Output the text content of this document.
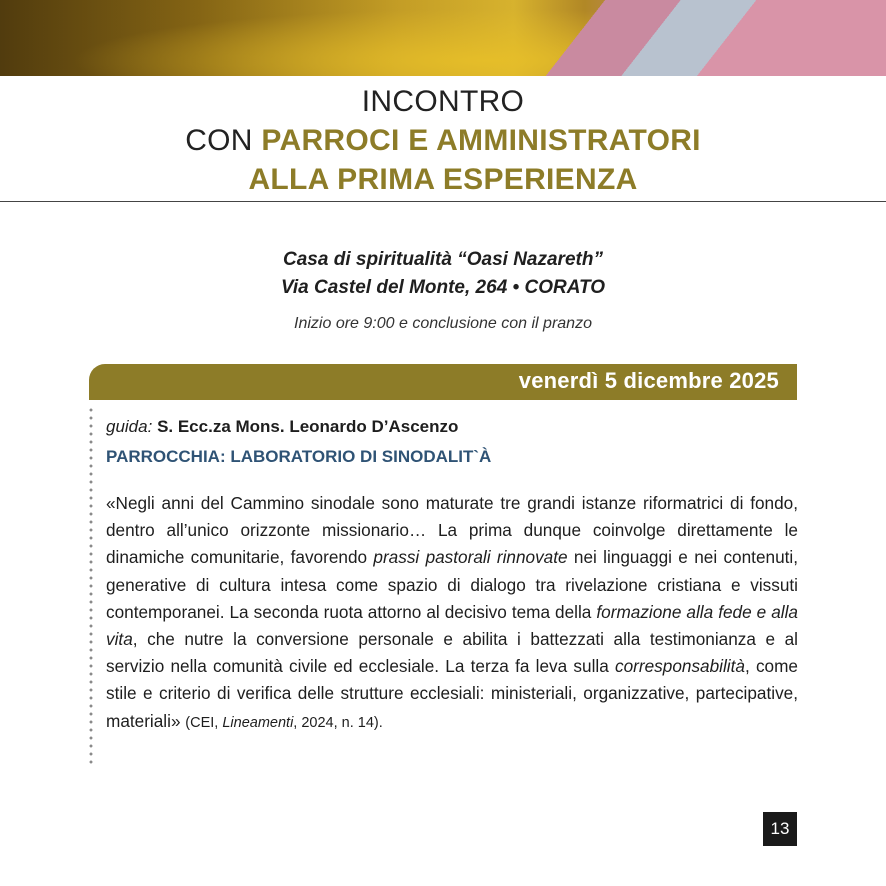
INCONTRO
CON PARROCI E AMMINISTRATORI
ALLA PRIMA ESPERIENZA
Casa di spiritualità “Oasi Nazareth”
Via Castel del Monte, 264 • CORATO
Inizio ore 9:00 e conclusione con il pranzo
venerdì 5 dicembre 2025

guida: S. Ecc.za Mons. Leonardo D’Ascenzo

PARROCCHIA: LABORATORIO DI SINODALIT`À

«Negli anni del Cammino sinodale sono maturate tre grandi istanze riformatrici di fondo, dentro all’unico orizzonte missionario… La prima dunque coinvolge direttamente le dinamiche comunitarie, favorendo prassi pastorali rinnovate nei linguaggi e nei contenuti, generative di cultura intesa come spazio di dialogo tra rivelazione cristiana e vissuti contemporanei. La seconda ruota attorno al decisivo tema della formazione alla fede e alla vita, che nutre la conversione personale e abilita i battezzati alla testimonianza e al servizio nella comunità civile ed ecclesiale. La terza fa leva sulla corresponsabilità, come stile e criterio di verifica delle strutture ecclesiali: ministeriali, organizzative, partecipative, materiali» (CEI, Lineamenti, 2024, n. 14).

13
